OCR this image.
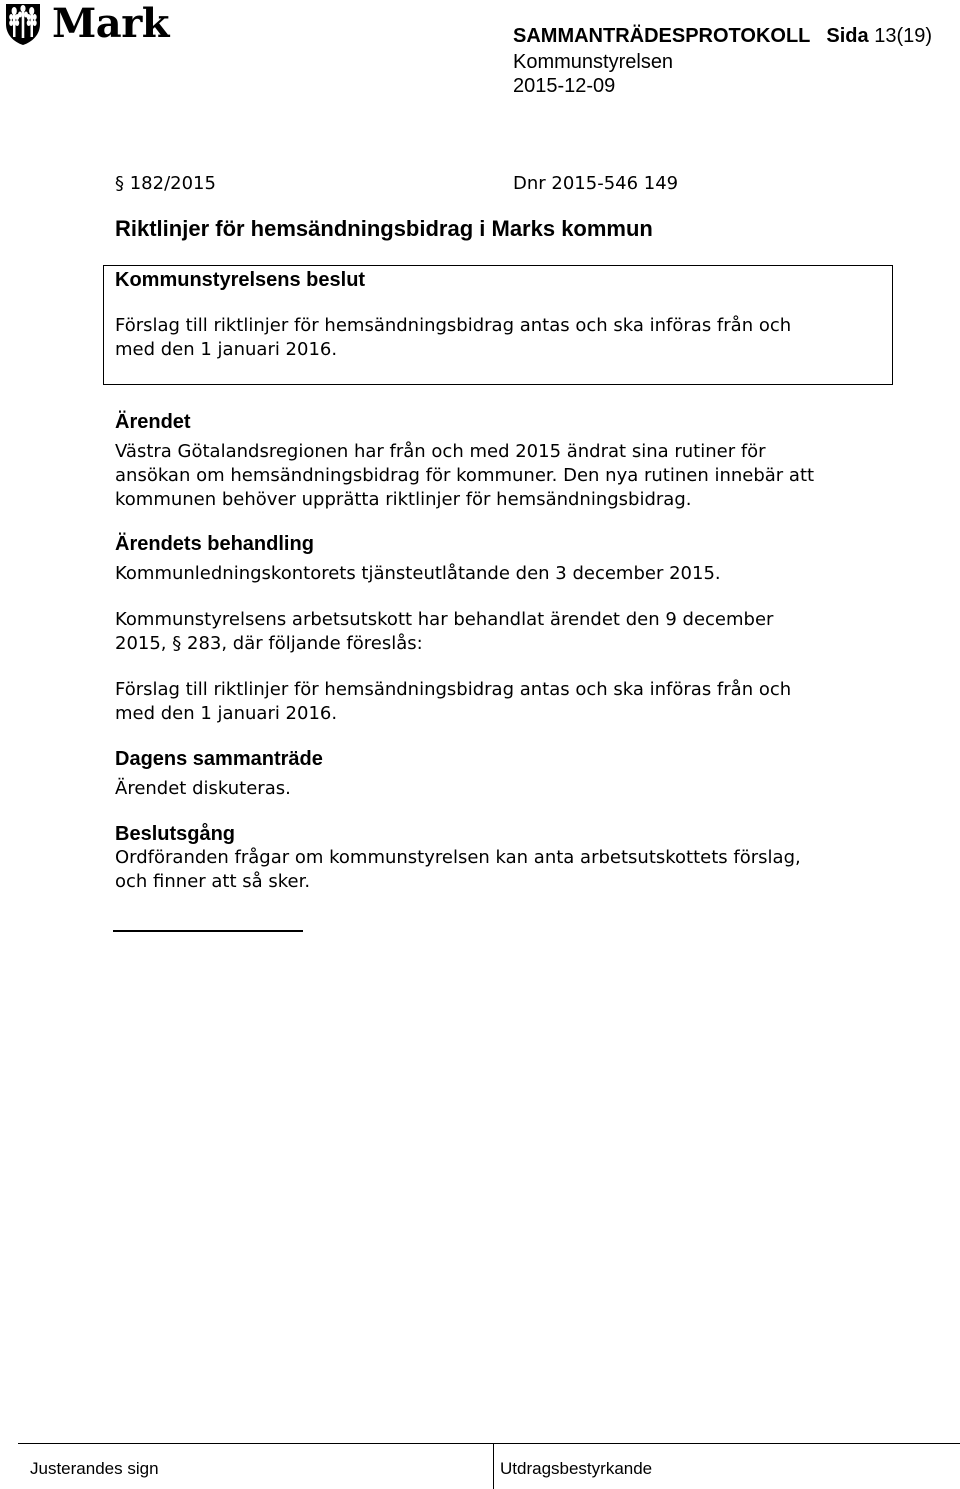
Mark	SAMMANTRÄDESPROTOKOLL Sida 13(19)
Kommunstyrelsen
2015-12-09
§ 182/2015	Dnr 2015-546 149
Riktlinjer för hemsändningsbidrag i Marks kommun
Kommunstyrelsens beslut
Förslag till riktlinjer för hemsändningsbidrag antas och ska införas från och
med den 1 januari 2016.
Ärendet
Västra Götalandsregionen har från och med 2015 ändrat sina rutiner för
ansökan om hemsändningsbidrag för kommuner. Den nya rutinen innebär att
kommunen behöver upprätta riktlinjer för hemsändningsbidrag.
Ärendets behandling
Kommunledningskontorets tjänsteutlåtande den 3 december 2015.
Kommunstyrelsens arbetsutskott har behandlat ärendet den 9 december
2015, § 283, där följande föreslås:
Förslag till riktlinjer för hemsändningsbidrag antas och ska införas från och
med den 1 januari 2016.
Dagens sammanträde
Ärendet diskuteras.
Beslutsgång
Ordföranden frågar om kommunstyrelsen kan anta arbetsutskottets förslag,
och finner att så sker.
Justerandes sign	Utdragsbestyrkande
